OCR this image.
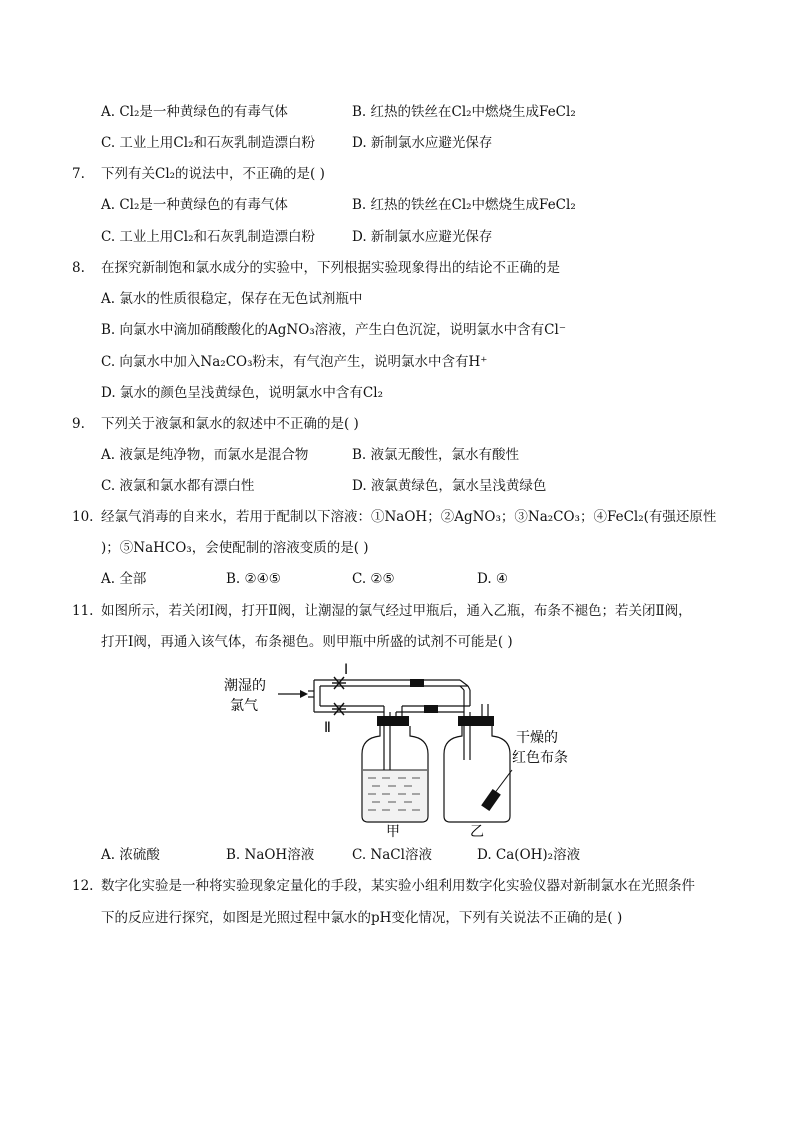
A. Cl₂是一种黄绿色的有毒气体	B. 红热的铁丝在Cl₂中燃烧生成FeCl₂
C. 工业上用Cl₂和石灰乳制造漂白粉	D. 新制氯水应避光保存
7. 下列有关Cl₂的说法中，不正确的是( )
A. Cl₂是一种黄绿色的有毒气体	B. 红热的铁丝在Cl₂中燃烧生成FeCl₂
C. 工业上用Cl₂和石灰乳制造漂白粉	D. 新制氯水应避光保存
8. 在探究新制饱和氯水成分的实验中，下列根据实验现象得出的结论不正确的是
A. 氯水的性质很稳定，保存在无色试剂瓶中
B. 向氯水中滴加硝酸酸化的AgNO₃溶液，产生白色沉淀，说明氯水中含有Cl⁻
C. 向氯水中加入Na₂CO₃粉末，有气泡产生，说明氯水中含有H⁺
D. 氯水的颜色呈浅黄绿色，说明氯水中含有Cl₂
9. 下列关于液氯和氯水的叙述中不正确的是( )
A. 液氯是纯净物，而氯水是混合物	B. 液氯无酸性，氯水有酸性
C. 液氯和氯水都有漂白性	D. 液氯黄绿色，氯水呈浅黄绿色
10. 经氯气消毒的自来水，若用于配制以下溶液：①NaOH；②AgNO₃；③Na₂CO₃；④FeCl₂(有强还原性
)；⑤NaHCO₃，会使配制的溶液变质的是( )
A. 全部	B. ②④⑤	C. ②⑤	D. ④
11. 如图所示，若关闭Ⅰ阀，打开Ⅱ阀，让潮湿的氯气经过甲瓶后，通入乙瓶，布条不褪色；若关闭Ⅱ阀，
打开Ⅰ阀，再通入该气体，布条褪色。则甲瓶中所盛的试剂不可能是( )
潮湿的
氯气
Ⅰ
Ⅱ
甲	乙
干燥的
红色布条
A. 浓硫酸	B. NaOH溶液	C. NaCl溶液	D. Ca(OH)₂溶液
12. 数字化实验是一种将实验现象定量化的手段，某实验小组利用数字化实验仪器对新制氯水在光照条件
下的反应进行探究，如图是光照过程中氯水的pH变化情况，下列有关说法不正确的是( )
